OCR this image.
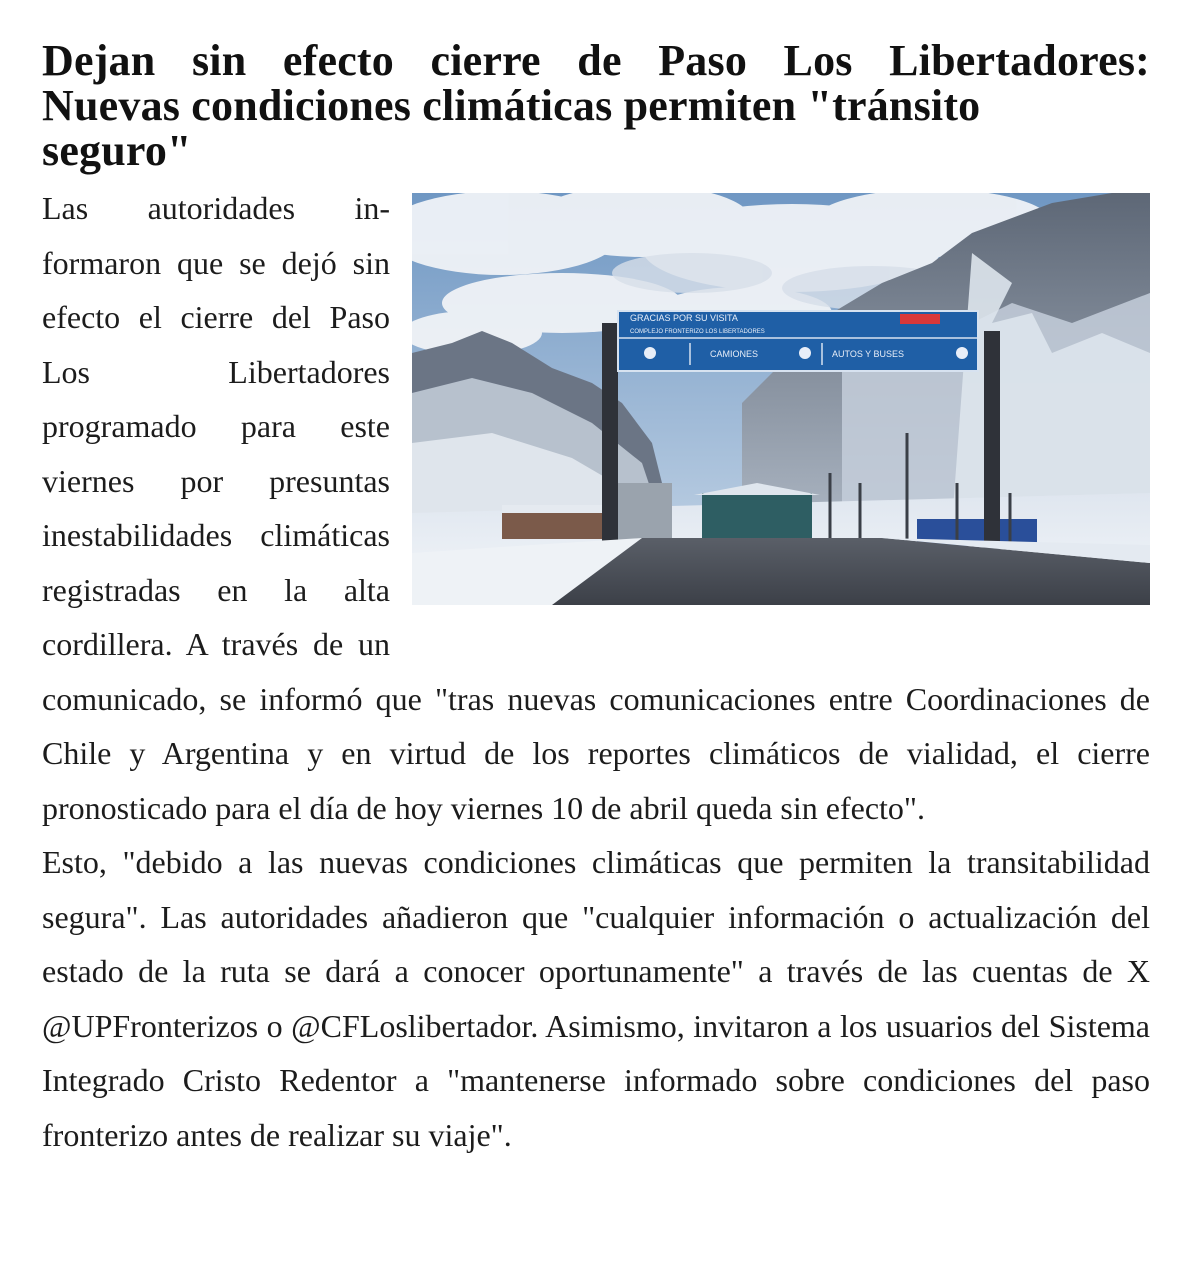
Dejan sin efecto cierre de Paso Los Libertadores:
Nuevas condiciones climáticas permiten "tránsito
seguro"
GRACIAS POR SU VISITA
COMPLEJO FRONTERIZO LOS LIBERTADORES
CAMIONES	AUTOS Y BUSES

Las autoridades informaron que se dejó sin efecto el cierre del Paso Los Libertadores programado para este viernes por presuntas inestabilidades climáticas registradas en la alta cordillera. A través de un comunicado, se informó que "tras nuevas comunicaciones entre Coordinaciones de Chile y Argentina y en virtud de los reportes climáticos de vialidad, el cierre pronosticado para el día de hoy viernes 10 de abril queda sin efecto".

Esto, "debido a las nuevas condiciones climáticas que permiten la transitabilidad segura". Las autoridades añadieron que "cualquier información o actualización del estado de la ruta se dará a conocer oportunamente" a través de las cuentas de X @UPFronterizos o @CFLoslibertador. Asimismo, invitaron a los usuarios del Sistema Integrado Cristo Redentor a "mantenerse informado sobre condiciones del paso fronterizo antes de realizar su viaje".
